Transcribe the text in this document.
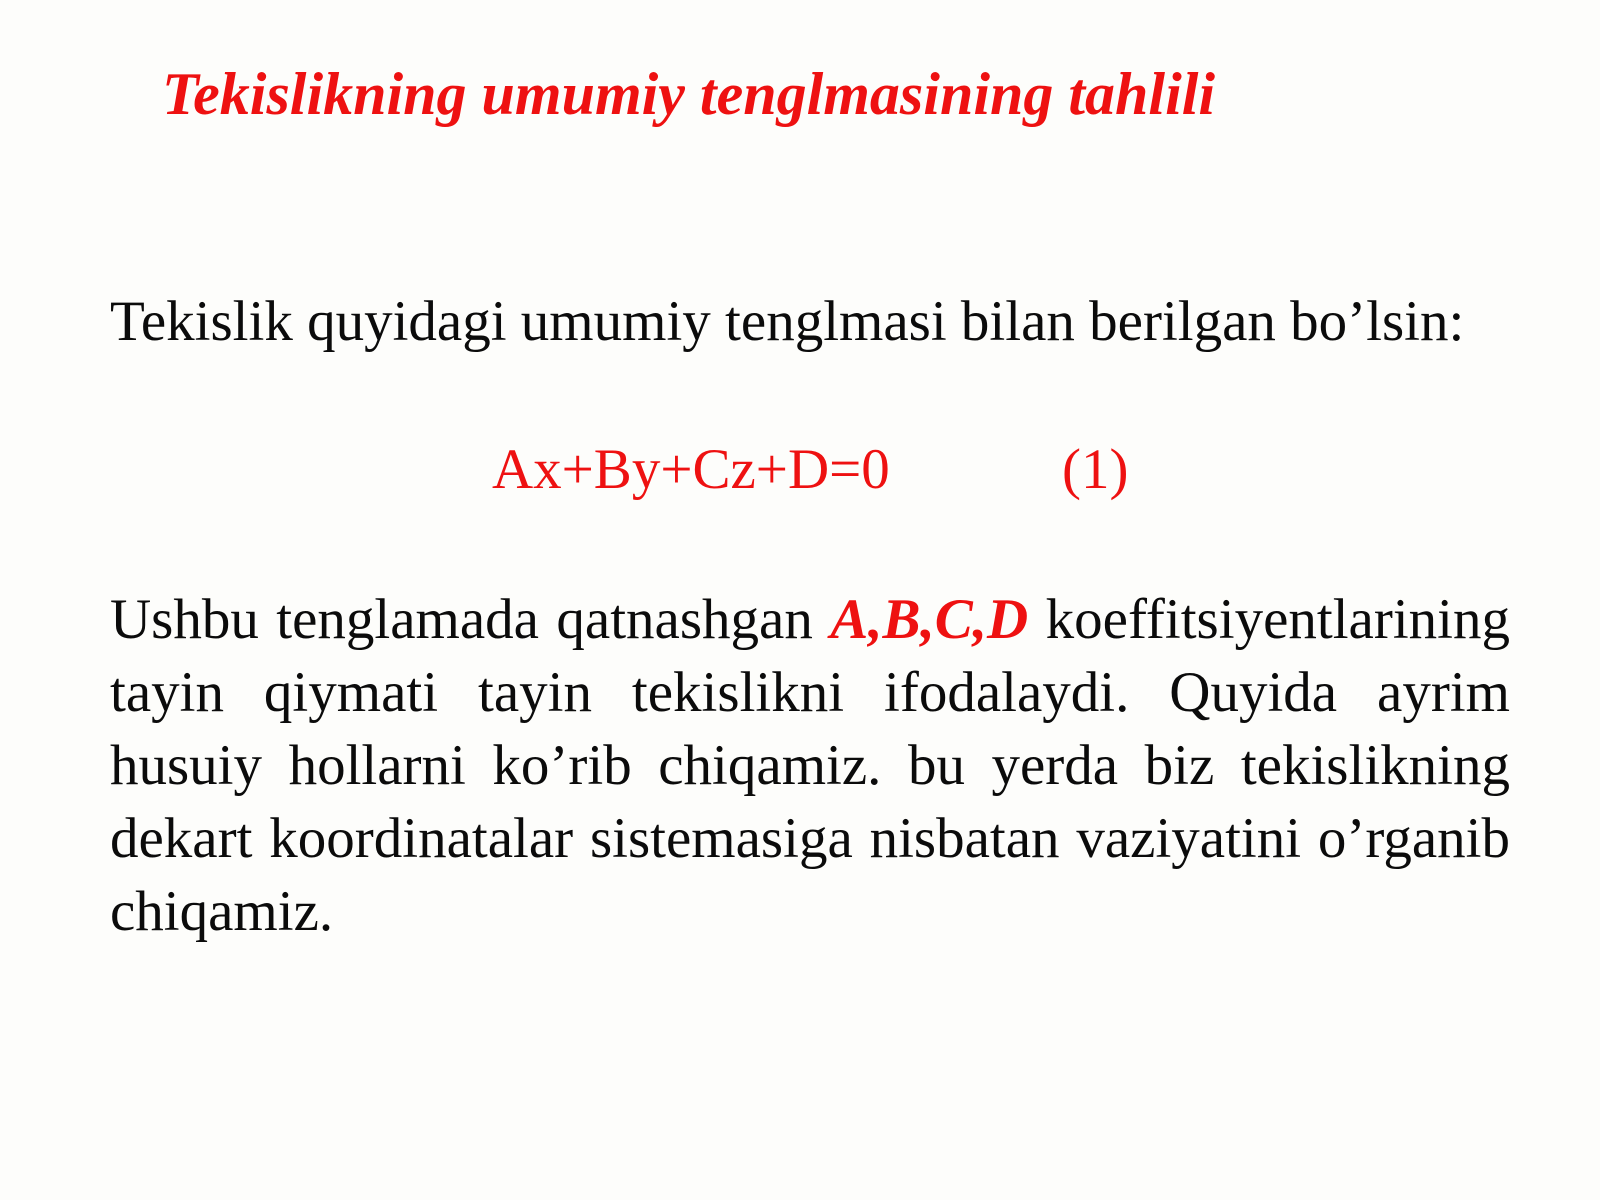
Tekislikning umumiy tenglmasining tahlili

Tekislik quyidagi umumiy tenglmasi bilan berilgan bo’lsin:

Ax+By+Cz+D=0	(1)

Ushbu tenglamada qatnashgan A,B,C,D koeffitsiyentlarining tayin qiymati tayin tekislikni ifodalaydi. Quyida ayrim husuiy hollarni ko’rib chiqamiz. bu yerda biz tekislikning dekart koordinatalar sistemasiga nisbatan vaziyatini o’rganib chiqamiz.
